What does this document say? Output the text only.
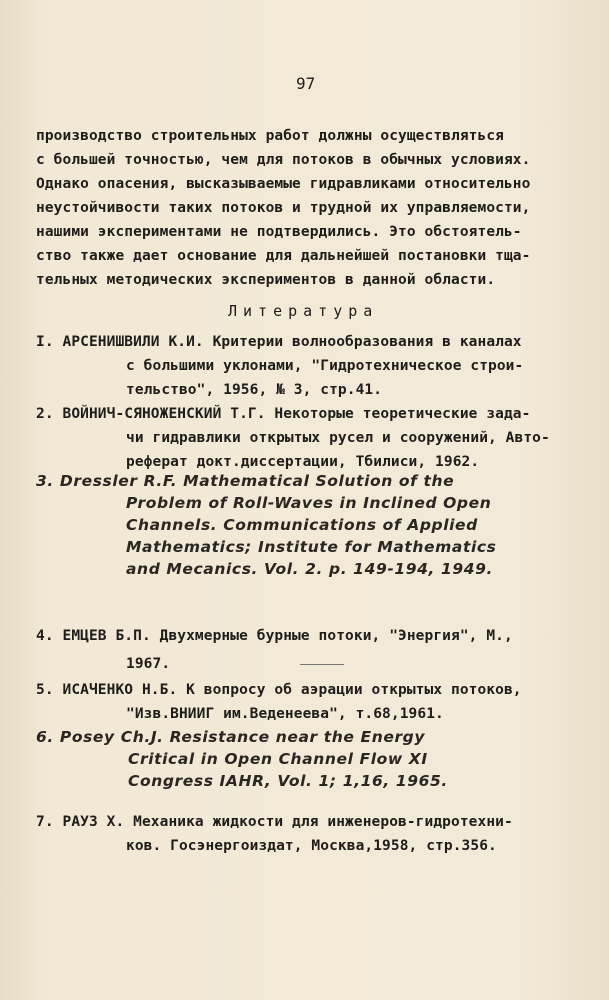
97
производство строительных работ должны осуществляться
с большей точностью, чем для потоков в обычных условиях.
Однако опасения, высказываемые гидравликами относительно
неустойчивости таких потоков и трудной их управляемости,
нашими экспериментами не подтвердились. Это обстоятель-
ство также дает основание для дальнейшей постановки тща-
тельных методических экспериментов в данной области.
Литература
I. АРСЕНИШВИЛИ К.И. Критерии волнообразования в каналах
с большими уклонами, "Гидротехническое строи-
тельство", 1956, № 3, стр.41.
2. ВОЙНИЧ-СЯНОЖЕНСКИЙ Т.Г. Некоторые теоретические зада-
чи гидравлики открытых русел и сооружений, Авто-
реферат докт.диссертации, Тбилиси, 1962.
3. Dressler R.F. Mathematical Solution of the
Problem of Roll-Waves in Inclined Open
Channels. Communications of Applied
Mathematics; Institute for Mathematics
and Mecanics. Vol. 2. p. 149-194, 1949.
4. ЕМЦЕВ Б.П. Двухмерные бурные потоки, "Энергия", М.,
1967.
5. ИСАЧЕНКО Н.Б. К вопросу об аэрации открытых потоков,
"Изв.ВНИИГ им.Веденеева", т.68,1961.
6. Posey Ch.J. Resistance near the Energy
Critical in Open Channel Flow XI
Congress IAHR, Vol. 1; 1,16, 1965.
7. РАУЗ Х. Механика жидкости для инженеров-гидротехни-
ков. Госэнергоиздат, Москва,1958, стр.356.
